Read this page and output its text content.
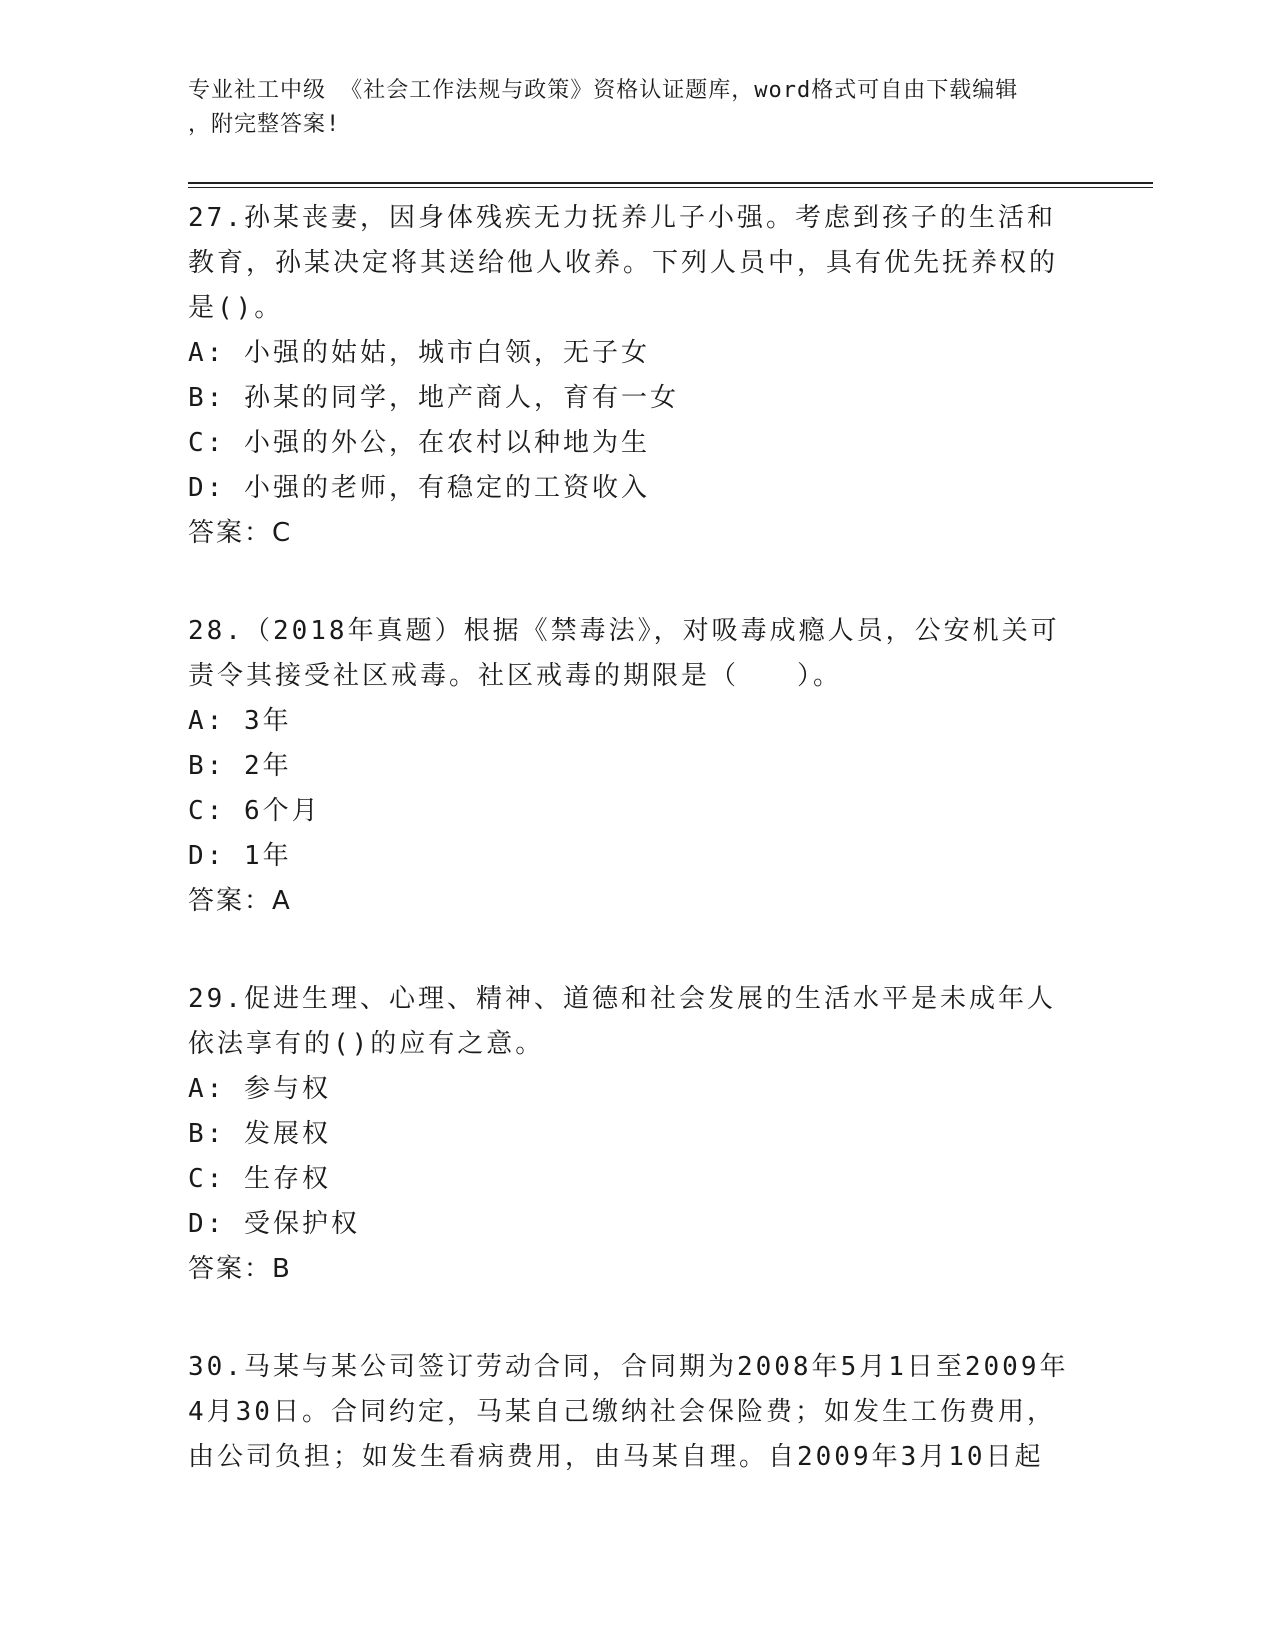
专业社工中级 《社会工作法规与政策》资格认证题库，word格式可自由下载编辑
，附完整答案!

27.孙某丧妻，因身体残疾无力抚养儿子小强。考虑到孩子的生活和教育，孙某决定将其送给他人收养。下列人员中，具有优先抚养权的是()。

A: 小强的姑姑，城市白领，无子女

B: 孙某的同学，地产商人，育有一女

C: 小强的外公，在农村以种地为生

D: 小强的老师，有稳定的工资收入

答案：C

28.（2018年真题）根据《禁毒法》，对吸毒成瘾人员，公安机关可责令其接受社区戒毒。社区戒毒的期限是（　　）。

A: 3年

B: 2年

C: 6个月

D: 1年

答案：A

29.促进生理、心理、精神、道德和社会发展的生活水平是未成年人依法享有的()的应有之意。

A: 参与权

B: 发展权

C: 生存权

D: 受保护权

答案：B

30.马某与某公司签订劳动合同，合同期为2008年5月1日至2009年4月30日。合同约定，马某自己缴纳社会保险费；如发生工伤费用，由公司负担；如发生看病费用，由马某自理。自2009年3月10日起
